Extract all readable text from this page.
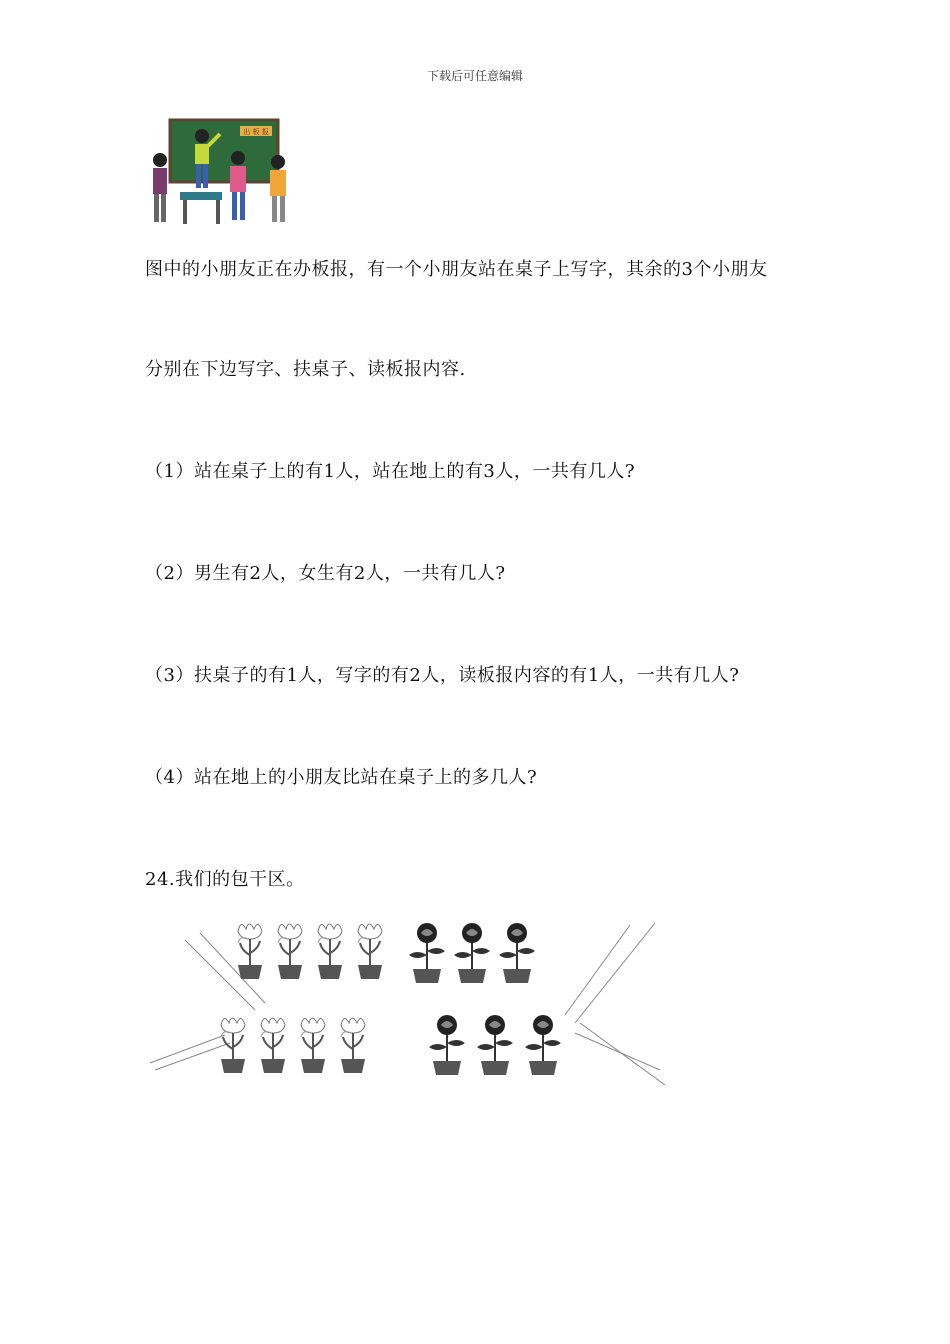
下载后可任意编辑
出 板 报
图中的小朋友正在办板报，有一个小朋友站在桌子上写字，其余的3个小朋友
分别在下边写字、扶桌子、读板报内容.
（1）站在桌子上的有1人，站在地上的有3人，一共有几人?
（2）男生有2人，女生有2人，一共有几人?
（3）扶桌子的有1人，写字的有2人，读板报内容的有1人，一共有几人?
（4）站在地上的小朋友比站在桌子上的多几人?
24.我们的包干区。
